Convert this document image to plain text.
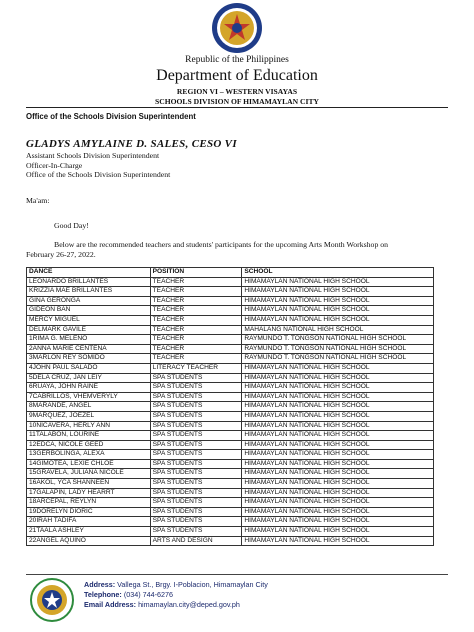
Republic of the Philippines
Department of Education
REGION VI – WESTERN VISAYAS
SCHOOLS DIVISION OF HIMAMAYLAN CITY
Office of the Schools Division Superintendent
GLADYS AMYLAINE D. SALES, CESO VI
Assistant Schools Division Superintendent
Officer-In-Charge
Office of the Schools Division Superintendent
Ma'am:
Good Day!
Below are the recommended teachers and students' participants for the upcoming Arts Month Workshop on
February 26-27, 2022.
DANCE	POSITION	SCHOOL
LEONARDO BRILLANTES	TEACHER	HIMAMAYLAN NATIONAL HIGH SCHOOL
KRIZZIA MAE BRILLANTES	TEACHER	HIMAMAYLAN NATIONAL HIGH SCHOOL
GINA GERONGA	TEACHER	HIMAMAYLAN NATIONAL HIGH SCHOOL
GIDEON BAN	TEACHER	HIMAMAYLAN NATIONAL HIGH SCHOOL
MERCY MIGUEL	TEACHER	HIMAMAYLAN NATIONAL HIGH SCHOOL
DELMARK GAVILE	TEACHER	MAHALANG NATIONAL HIGH SCHOOL
1RIMA G. MELENO	TEACHER	RAYMUNDO T. TONGSON NATIONAL HIGH SCHOOL
2ANNA MARIE CENTENA	TEACHER	RAYMUNDO T. TONGSON NATIONAL HIGH SCHOOL
3MARLON REY SOMIDO	TEACHER	RAYMUNDO T. TONGSON NATIONAL HIGH SCHOOL
4JOHN PAUL SALADO	LITERACY TEACHER	HIMAMAYLAN NATIONAL HIGH SCHOOL
5DELA CRUZ, JAN LEIY	SPA STUDENTS	HIMAMAYLAN NATIONAL HIGH SCHOOL
6RUAYA, JOHN RAINE	SPA STUDENTS	HIMAMAYLAN NATIONAL HIGH SCHOOL
7CABRILLOS, VHEMVERYLY	SPA STUDENTS	HIMAMAYLAN NATIONAL HIGH SCHOOL
8MARANDE, ANGEL	SPA STUDENTS	HIMAMAYLAN NATIONAL HIGH SCHOOL
9MARQUEZ, JOEZEL	SPA STUDENTS	HIMAMAYLAN NATIONAL HIGH SCHOOL
10NICAVERA, HERLY ANN	SPA STUDENTS	HIMAMAYLAN NATIONAL HIGH SCHOOL
11TALABON, LOURINE	SPA STUDENTS	HIMAMAYLAN NATIONAL HIGH SCHOOL
12EDCA, NICOLE GEED	SPA STUDENTS	HIMAMAYLAN NATIONAL HIGH SCHOOL
13GERBOLINGA, ALEXA	SPA STUDENTS	HIMAMAYLAN NATIONAL HIGH SCHOOL
14GIMOTEA, LEXIE CHLOE	SPA STUDENTS	HIMAMAYLAN NATIONAL HIGH SCHOOL
15GRAVELA, JULIANA NICOLE	SPA STUDENTS	HIMAMAYLAN NATIONAL HIGH SCHOOL
16AKOL, YCA SHANNEEN	SPA STUDENTS	HIMAMAYLAN NATIONAL HIGH SCHOOL
17GALAPIN, LADY HEARRT	SPA STUDENTS	HIMAMAYLAN NATIONAL HIGH SCHOOL
18ARCEPAL, REYLYN	SPA STUDENTS	HIMAMAYLAN NATIONAL HIGH SCHOOL
19DORELYN DIORIC	SPA STUDENTS	HIMAMAYLAN NATIONAL HIGH SCHOOL
20IRAH TADIFA	SPA STUDENTS	HIMAMAYLAN NATIONAL HIGH SCHOOL
21TAALA ASHLEY	SPA STUDENTS	HIMAMAYLAN NATIONAL HIGH SCHOOL
22ANGEL AQUINO	ARTS AND DESIGN	HIMAMAYLAN NATIONAL HIGH SCHOOL
Address: Vallega St., Brgy. I-Poblacion, Himamaylan City
Telephone: (034) 744-6276
Email Address: himamaylan.city@deped.gov.ph
